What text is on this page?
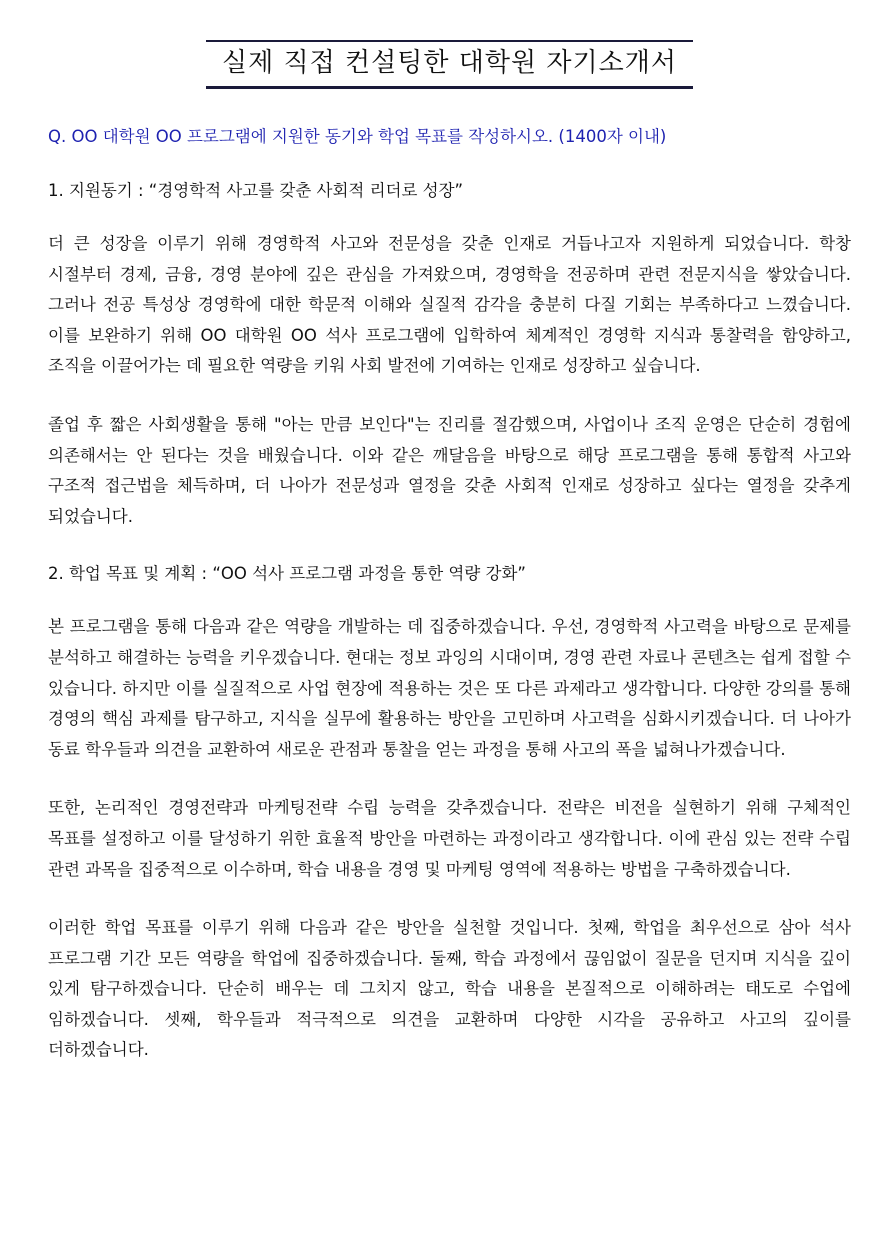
실제 직접 컨설팅한 대학원 자기소개서
Q. OO 대학원 OO 프로그램에 지원한 동기와 학업 목표를 작성하시오. (1400자 이내)
1. 지원동기 : “경영학적 사고를 갖춘 사회적 리더로 성장”

더 큰 성장을 이루기 위해 경영학적 사고와 전문성을 갖춘 인재로 거듭나고자 지원하게 되었습니다. 학창 시절부터 경제, 금융, 경영 분야에 깊은 관심을 가져왔으며, 경영학을 전공하며 관련 전문지식을 쌓았습니다. 그러나 전공 특성상 경영학에 대한 학문적 이해와 실질적 감각을 충분히 다질 기회는 부족하다고 느꼈습니다. 이를 보완하기 위해 OO 대학원 OO 석사 프로그램에 입학하여 체계적인 경영학 지식과 통찰력을 함양하고, 조직을 이끌어가는 데 필요한 역량을 키워 사회 발전에 기여하는 인재로 성장하고 싶습니다.

졸업 후 짧은 사회생활을 통해 "아는 만큼 보인다"는 진리를 절감했으며, 사업이나 조직 운영은 단순히 경험에 의존해서는 안 된다는 것을 배웠습니다. 이와 같은 깨달음을 바탕으로 해당 프로그램을 통해 통합적 사고와 구조적 접근법을 체득하며, 더 나아가 전문성과 열정을 갖춘 사회적 인재로 성장하고 싶다는 열정을 갖추게 되었습니다.

2. 학업 목표 및 계획 : “OO 석사 프로그램 과정을 통한 역량 강화”

본 프로그램을 통해 다음과 같은 역량을 개발하는 데 집중하겠습니다. 우선, 경영학적 사고력을 바탕으로 문제를 분석하고 해결하는 능력을 키우겠습니다. 현대는 정보 과잉의 시대이며, 경영 관련 자료나 콘텐츠는 쉽게 접할 수 있습니다. 하지만 이를 실질적으로 사업 현장에 적용하는 것은 또 다른 과제라고 생각합니다. 다양한 강의를 통해 경영의 핵심 과제를 탐구하고, 지식을 실무에 활용하는 방안을 고민하며 사고력을 심화시키겠습니다. 더 나아가 동료 학우들과 의견을 교환하여 새로운 관점과 통찰을 얻는 과정을 통해 사고의 폭을 넓혀나가겠습니다.

또한, 논리적인 경영전략과 마케팅전략 수립 능력을 갖추겠습니다. 전략은 비전을 실현하기 위해 구체적인 목표를 설정하고 이를 달성하기 위한 효율적 방안을 마련하는 과정이라고 생각합니다. 이에 관심 있는 전략 수립 관련 과목을 집중적으로 이수하며, 학습 내용을 경영 및 마케팅 영역에 적용하는 방법을 구축하겠습니다.

이러한 학업 목표를 이루기 위해 다음과 같은 방안을 실천할 것입니다. 첫째, 학업을 최우선으로 삼아 석사 프로그램 기간 모든 역량을 학업에 집중하겠습니다. 둘째, 학습 과정에서 끊임없이 질문을 던지며 지식을 깊이 있게 탐구하겠습니다. 단순히 배우는 데 그치지 않고, 학습 내용을 본질적으로 이해하려는 태도로 수업에 임하겠습니다. 셋째, 학우들과 적극적으로 의견을 교환하며 다양한 시각을 공유하고 사고의 깊이를 더하겠습니다.
